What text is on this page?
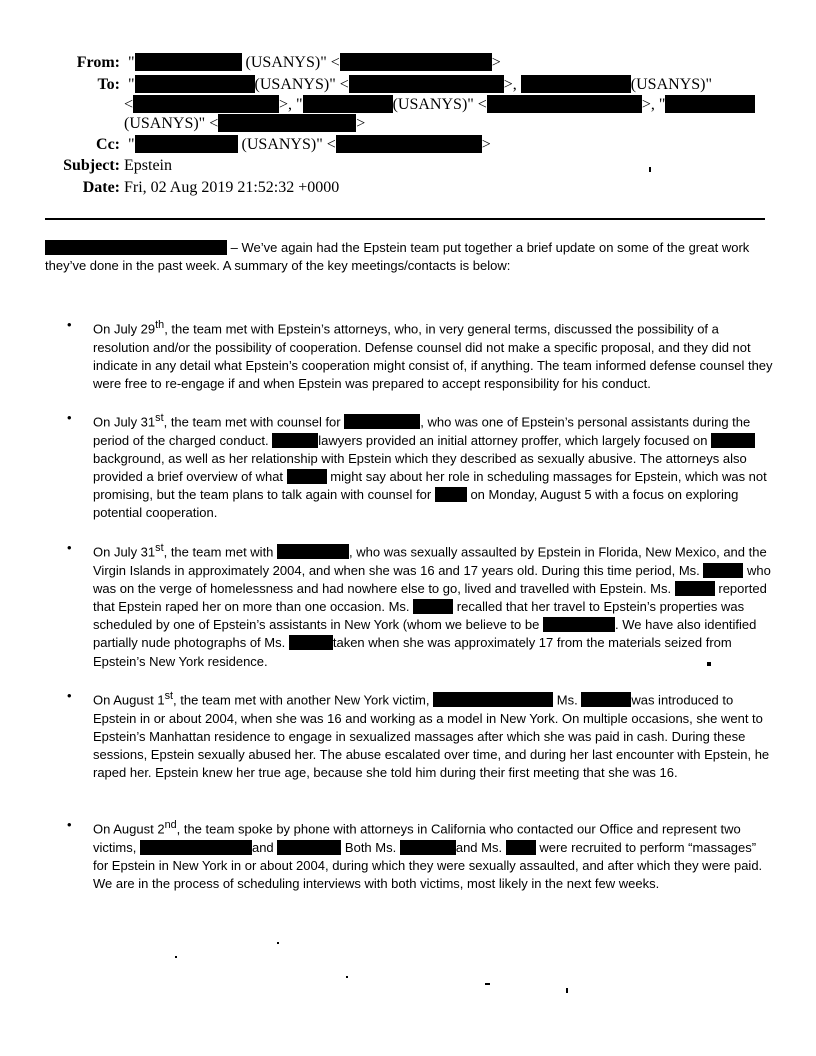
From:  "	(USANYS)" <	>
To:  "	(USANYS)" <	>,	(USANYS)"
<	>, "	(USANYS)" <	>, "
(USANYS)" <	>
Cc:  "	(USANYS)" <	>
Subject: Epstein
Date: Fri, 02 Aug 2019 21:52:32 +0000
– We’ve again had the Epstein team put together a brief update on some of the great work
they’ve done in the past week. A summary of the key meetings/contacts is below:
• On July 29th, the team met with Epstein’s attorneys, who, in very general terms, discussed the possibility of a resolution and/or the possibility of cooperation. Defense counsel did not make a specific proposal, and they did not indicate in any detail what Epstein’s cooperation might consist of, if anything. The team informed defense counsel they were free to re-engage if and when Epstein was prepared to accept responsibility for his conduct.
• On July 31st, the team met with counsel for	, who was one of Epstein’s personal assistants during the period of the charged conduct.	lawyers provided an initial attorney proffer, which largely focused on  background, as well as her relationship with Epstein which they described as sexually abusive. The attorneys also provided a brief overview of what	might say about her role in scheduling massages for Epstein, which was not promising, but the team plans to talk again with counsel for	on Monday, August 5 with a focus on exploring potential cooperation.
• On July 31st, the team met with	, who was sexually assaulted by Epstein in Florida, New Mexico, and the Virgin Islands in approximately 2004, and when she was 16 and 17 years old. During this time period, Ms.	who was on the verge of homelessness and had nowhere else to go, lived and travelled with Epstein. Ms.	reported that Epstein raped her on more than one occasion. Ms.	recalled that her travel to Epstein’s properties was scheduled by one of Epstein’s assistants in New York (whom we believe to be	. We have also identified partially nude photographs of Ms.	taken when she was approximately 17 from the materials seized from Epstein’s New York residence.
• On August 1st, the team met with another New York victim,	Ms.	was introduced to Epstein in or about 2004, when she was 16 and working as a model in New York. On multiple occasions, she went to Epstein’s Manhattan residence to engage in sexualized massages after which she was paid in cash. During these sessions, Epstein sexually abused her. The abuse escalated over time, and during her last encounter with Epstein, he raped her. Epstein knew her true age, because she told him during their first meeting that she was 16.
• On August 2nd, the team spoke by phone with attorneys in California who contacted our Office and represent two victims,	and	Both Ms.	and Ms.	were recruited to perform “massages” for Epstein in New York in or about 2004, during which they were sexually assaulted, and after which they were paid. We are in the process of scheduling interviews with both victims, most likely in the next few weeks.
